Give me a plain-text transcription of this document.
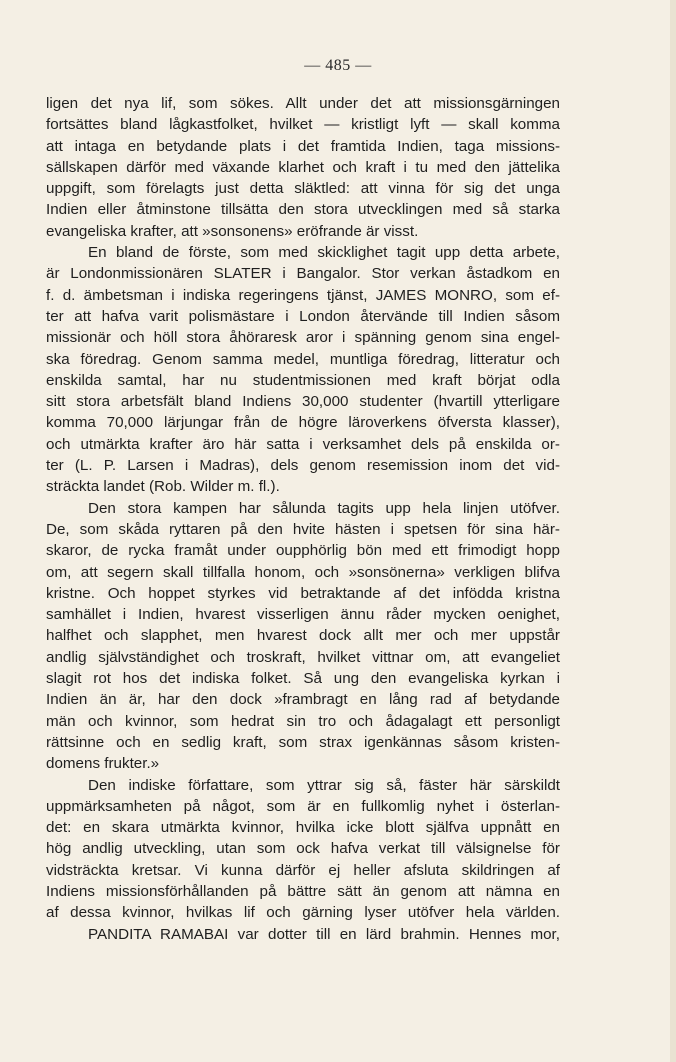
— 485 —
ligen det nya lif, som sökes. Allt under det att missionsgärningen
fortsättes bland lågkastfolket, hvilket — kristligt lyft — skall komma
att intaga en betydande plats i det framtida Indien, taga missions-
sällskapen därför med växande klarhet och kraft i tu med den jättelika
uppgift, som förelagts just detta släktled: att vinna för sig det unga
Indien eller åtminstone tillsätta den stora utvecklingen med så starka
evangeliska krafter, att »sonsonens» eröfrande är visst.
En bland de förste, som med skicklighet tagit upp detta arbete,
är Londonmissionären SLATER i Bangalor. Stor verkan åstadkom en
f. d. ämbetsman i indiska regeringens tjänst, JAMES MONRO, som ef-
ter att hafva varit polismästare i London återvände till Indien såsom
missionär och höll stora åhöraresk aror i spänning genom sina engel-
ska föredrag. Genom samma medel, muntliga föredrag, litteratur och
enskilda samtal, har nu studentmissionen med kraft börjat odla
sitt stora arbetsfält bland Indiens 30,000 studenter (hvartill ytterligare
komma 70,000 lärjungar från de högre läroverkens öfversta klasser),
och utmärkta krafter äro här satta i verksamhet dels på enskilda or-
ter (L. P. Larsen i Madras), dels genom resemission inom det vid-
sträckta landet (Rob. Wilder m. fl.).
Den stora kampen har sålunda tagits upp hela linjen utöfver.
De, som skåda ryttaren på den hvite hästen i spetsen för sina här-
skaror, de rycka framåt under oupphörlig bön med ett frimodigt hopp
om, att segern skall tillfalla honom, och »sonsönerna» verkligen blifva
kristne. Och hoppet styrkes vid betraktande af det infödda kristna
samhället i Indien, hvarest visserligen ännu råder mycken oenighet,
halfhet och slapphet, men hvarest dock allt mer och mer uppstår
andlig självständighet och troskraft, hvilket vittnar om, att evangeliet
slagit rot hos det indiska folket. Så ung den evangeliska kyrkan i
Indien än är, har den dock »frambragt en lång rad af betydande
män och kvinnor, som hedrat sin tro och ådagalagt ett personligt
rättsinne och en sedlig kraft, som strax igenkännas såsom kristen-
domens frukter.»
Den indiske författare, som yttrar sig så, fäster här särskildt
uppmärksamheten på något, som är en fullkomlig nyhet i österlan-
det: en skara utmärkta kvinnor, hvilka icke blott själfva uppnått en
hög andlig utveckling, utan som ock hafva verkat till välsignelse för
vidsträckta kretsar. Vi kunna därför ej heller afsluta skildringen af
Indiens missionsförhållanden på bättre sätt än genom att nämna en
af dessa kvinnor, hvilkas lif och gärning lyser utöfver hela världen.
PANDITA RAMABAI var dotter till en lärd brahmin. Hennes mor,
